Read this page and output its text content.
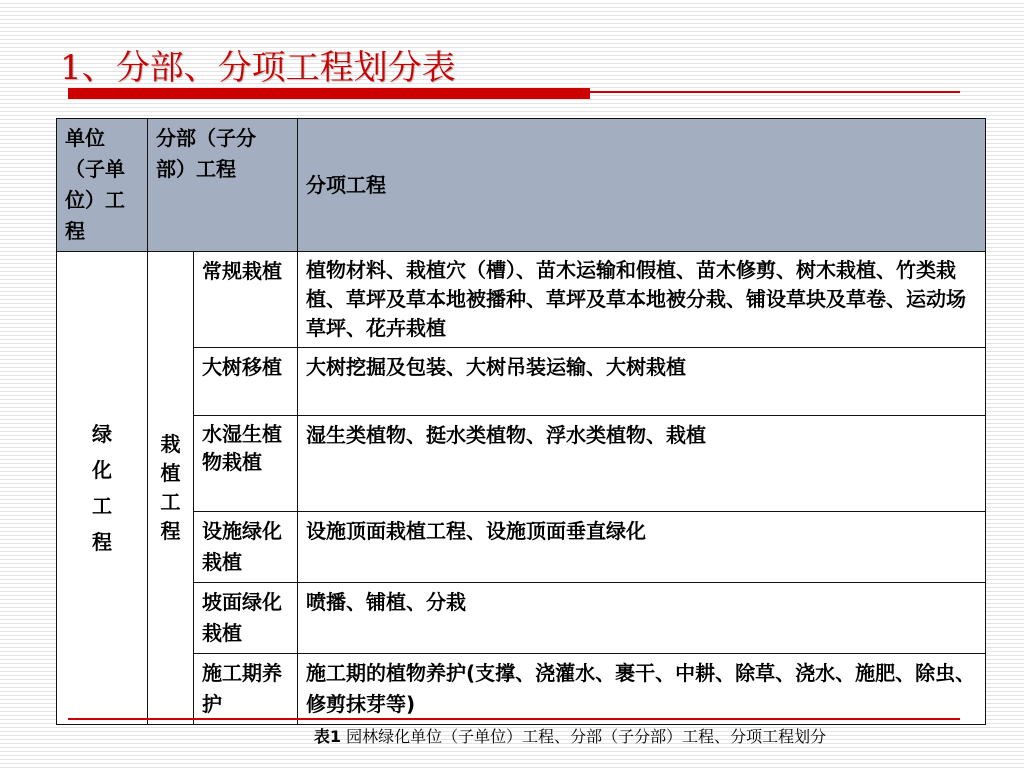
1、分部、分项工程划分表
单位（子单位）工程	分部（子分部）工程		分项工程
绿化工程	栽植工程	常规栽植	植物材料、栽植穴（槽）、苗木运输和假植、苗木修剪、树木栽植、竹类栽植、草坪及草本地被播种、草坪及草本地被分栽、铺设草块及草卷、运动场草坪、花卉栽植
		大树移植	大树挖掘及包装、大树吊装运输、大树栽植
		水湿生植物栽植	湿生类植物、挺水类植物、浮水类植物、栽植
		设施绿化栽植	设施顶面栽植工程、设施顶面垂直绿化
		坡面绿化栽植	喷播、铺植、分栽
		施工期养护	施工期的植物养护(支撑、浇灌水、裹干、中耕、除草、浇水、施肥、除虫、修剪抹芽等)
表1 园林绿化单位（子单位）工程、分部（子分部）工程、分项工程划分
